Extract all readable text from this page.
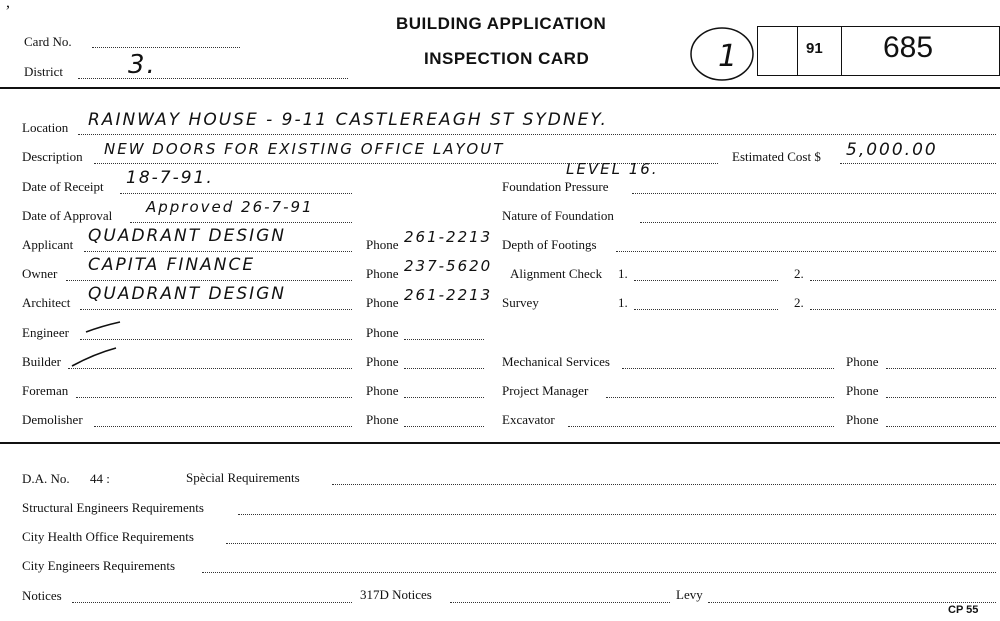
,
Card No.
District	3.
BUILDING APPLICATION
INSPECTION CARD	1	91 685
Location RAINWAY HOUSE - 9-11 CASTLEREAGH ST SYDNEY.
Description NEW DOORS FOR EXISTING OFFICE LAYOUT
LEVEL 16.
Estimated Cost $ 5,000.00
Date of Receipt 18-7-91.	Foundation Pressure
Date of Approval Approved 26-7-91	Nature of Foundation
Applicant QUADRANT DESIGN	Phone 261-2213 Depth of Footings
Owner CAPITA FINANCE	Phone 237-5620 Alignment Check 1.	2.
Architect QUADRANT DESIGN	Phone 261-2213 Survey	1.	2.
Engineer	Phone
Builder	Phone	Mechanical Services	Phone
Foreman	Phone	Project Manager	Phone
Demolisher	Phone	Excavator	Phone
D.A. No. 44 :	Spècial Requirements
Structural Engineers Requirements
City Health Office Requirements
City Engineers Requirements
Notices	317D Notices	Levy
CP 55
